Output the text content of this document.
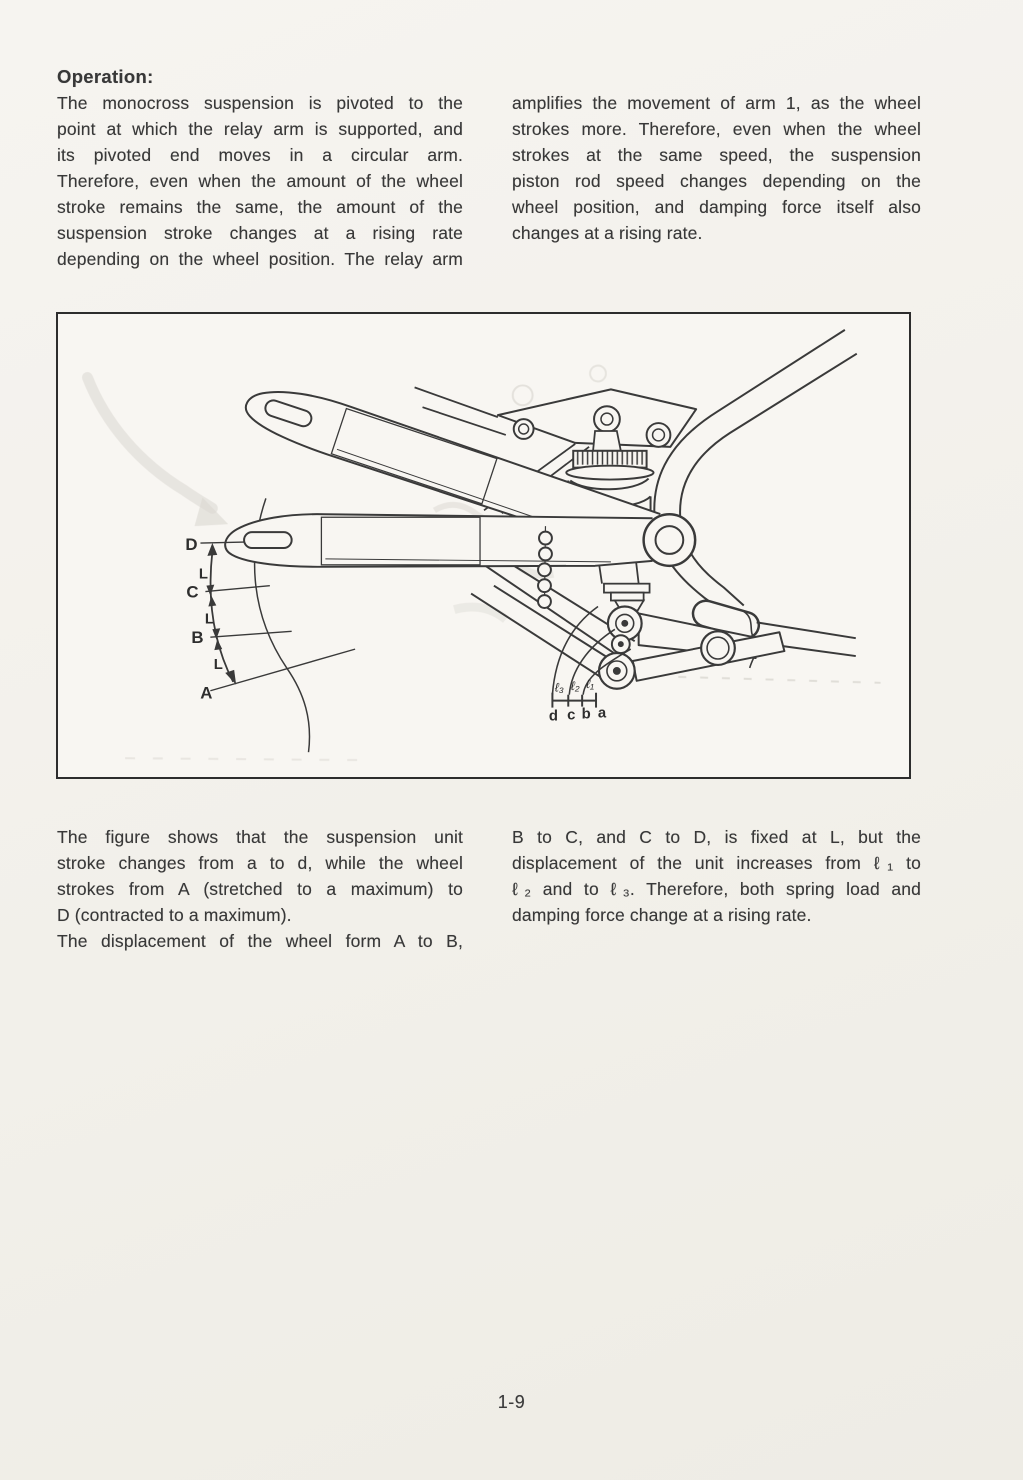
Operation:
The monocross suspension is pivoted to the
point at which the relay arm is supported, and
its pivoted end moves in a circular arm.
Therefore, even when the amount of the wheel
stroke remains the same, the amount of the
suspension stroke changes at a rising rate
depending on the wheel position. The relay arm
amplifies the movement of arm 1, as the wheel
strokes more. Therefore, even when the wheel
strokes at the same speed, the suspension
piston rod speed changes depending on the
wheel position, and damping force itself also
changes at a rising rate.
ℓ₃ ℓ₂ ℓ₁
d c b a
D
C
B
A
L
L
L
The figure shows that the suspension unit
stroke changes from a to d, while the wheel
strokes from A (stretched to a maximum) to
D (contracted to a maximum).
The displacement of the wheel form A to B,
B to C, and C to D, is fixed at L, but the
displacement of the unit increases from ℓ₁ to
ℓ₂ and to ℓ₃. Therefore, both spring load and
damping force change at a rising rate.
1-9
